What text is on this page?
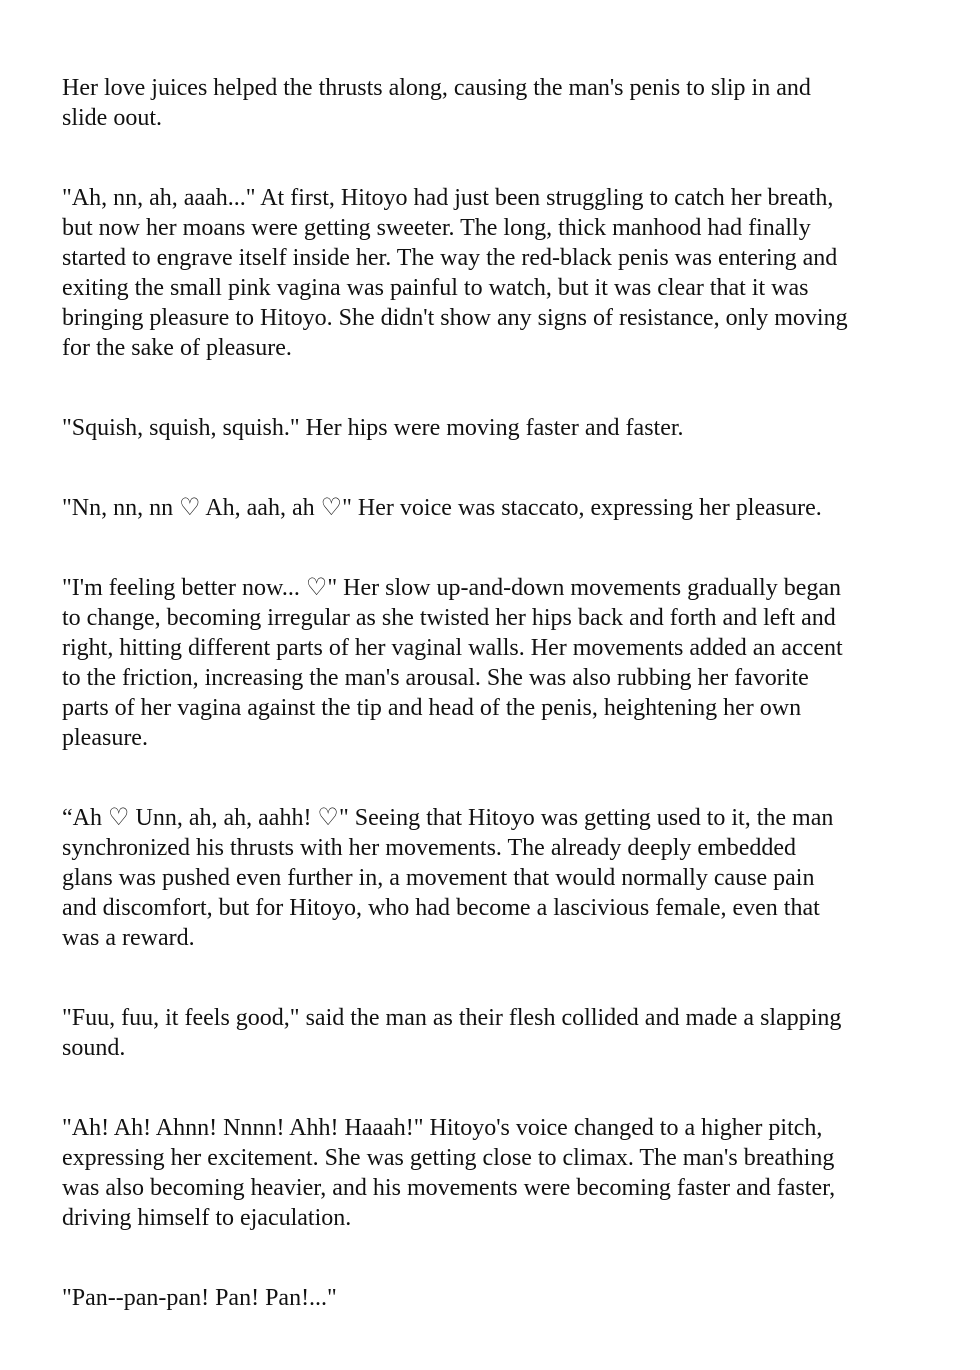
Her love juices helped the thrusts along, causing the man's penis to slip in and
slide oout.

"Ah, nn, ah, aaah..." At first, Hitoyo had just been struggling to catch her breath,
but now her moans were getting sweeter. The long, thick manhood had finally
started to engrave itself inside her. The way the red-black penis was entering and
exiting the small pink vagina was painful to watch, but it was clear that it was
bringing pleasure to Hitoyo. She didn't show any signs of resistance, only moving
for the sake of pleasure.

"Squish, squish, squish." Her hips were moving faster and faster.

"Nn, nn, nn ♡ Ah, aah, ah ♡" Her voice was staccato, expressing her pleasure.

"I'm feeling better now... ♡" Her slow up-and-down movements gradually began
to change, becoming irregular as she twisted her hips back and forth and left and
right, hitting different parts of her vaginal walls. Her movements added an accent
to the friction, increasing the man's arousal. She was also rubbing her favorite
parts of her vagina against the tip and head of the penis, heightening her own
pleasure.

“Ah ♡ Unn, ah, ah, aahh! ♡" Seeing that Hitoyo was getting used to it, the man
synchronized his thrusts with her movements. The already deeply embedded
glans was pushed even further in, a movement that would normally cause pain
and discomfort, but for Hitoyo, who had become a lascivious female, even that
was a reward.

"Fuu, fuu, it feels good," said the man as their flesh collided and made a slapping
sound.

"Ah! Ah! Ahnn! Nnnn! Ahh! Haaah!" Hitoyo's voice changed to a higher pitch,
expressing her excitement. She was getting close to climax. The man's breathing
was also becoming heavier, and his movements were becoming faster and faster,
driving himself to ejaculation.

"Pan--pan-pan! Pan! Pan!..."
